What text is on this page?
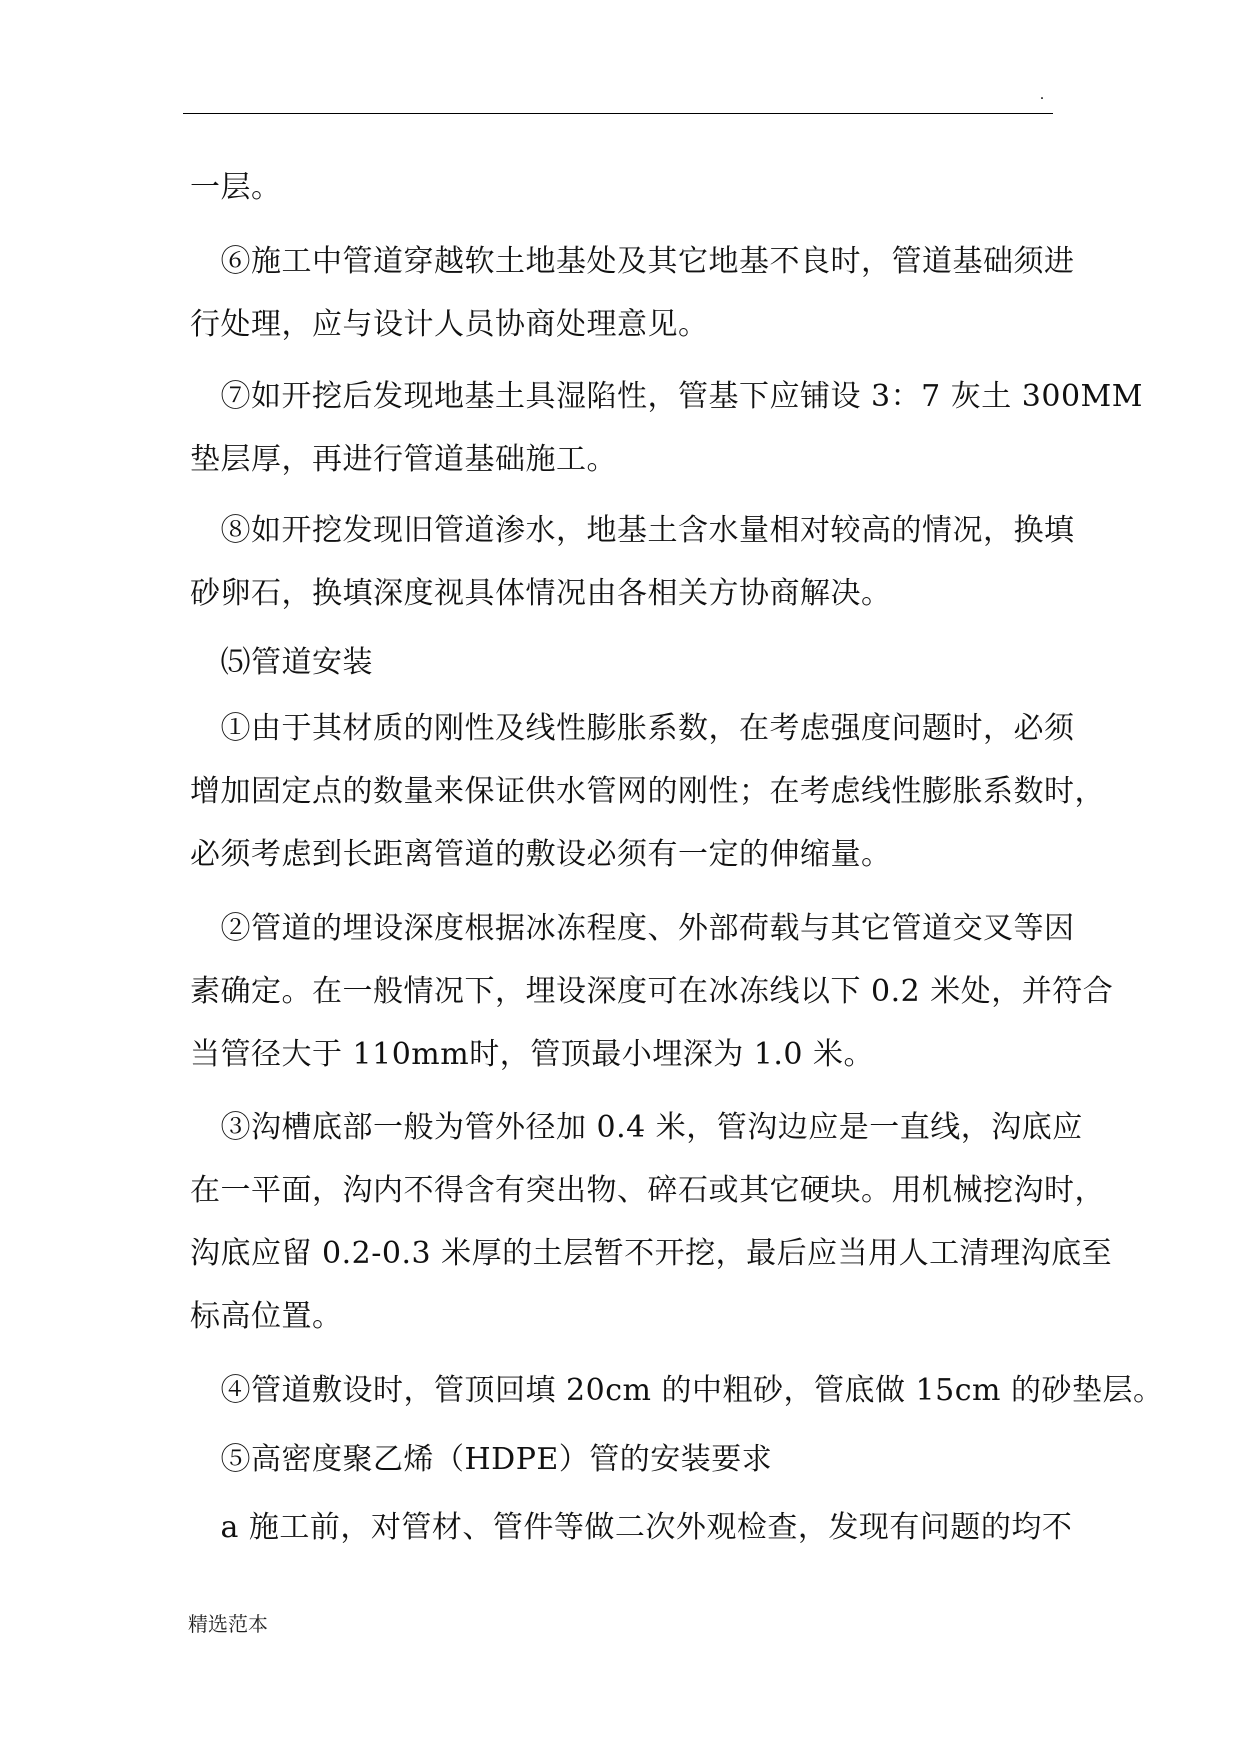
.
一层。
　⑥施工中管道穿越软土地基处及其它地基不良时，管道基础须进
行处理，应与设计人员协商处理意见。
　⑦如开挖后发现地基土具湿陷性，管基下应铺设 3：7 灰土 300MM
垫层厚，再进行管道基础施工。
　⑧如开挖发现旧管道渗水，地基土含水量相对较高的情况，换填
砂卵石，换填深度视具体情况由各相关方协商解决。
　⑸管道安装
　①由于其材质的刚性及线性膨胀系数，在考虑强度问题时，必须
增加固定点的数量来保证供水管网的刚性；在考虑线性膨胀系数时，
必须考虑到长距离管道的敷设必须有一定的伸缩量。
　②管道的埋设深度根据冰冻程度、外部荷载与其它管道交叉等因
素确定。在一般情况下，埋设深度可在冰冻线以下 0.2 米处，并符合
当管径大于 110mm时，管顶最小埋深为 1.0 米。
　③沟槽底部一般为管外径加 0.4 米，管沟边应是一直线，沟底应
在一平面，沟内不得含有突出物、碎石或其它硬块。用机械挖沟时，
沟底应留 0.2-0.3 米厚的土层暂不开挖，最后应当用人工清理沟底至
标高位置。
　④管道敷设时，管顶回填 20cm 的中粗砂，管底做 15cm 的砂垫层。
　⑤高密度聚乙烯（HDPE）管的安装要求
　a 施工前，对管材、管件等做二次外观检查，发现有问题的均不
精选范本
